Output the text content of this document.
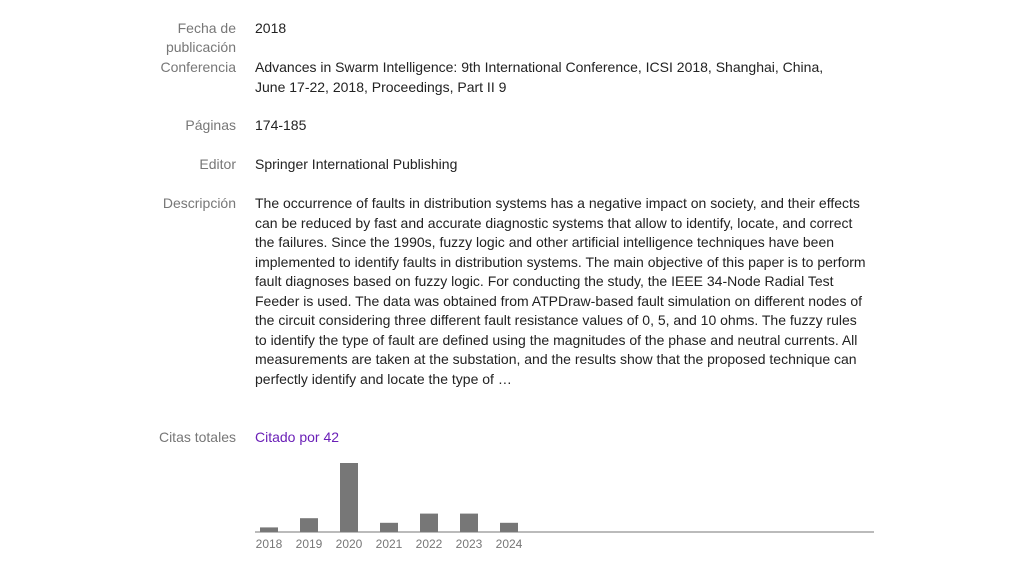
Fecha de publicación
2018
Conferencia Advances in Swarm Intelligence: 9th International Conference, ICSI 2018, Shanghai, China, June 17-22, 2018, Proceedings, Part II 9
Páginas 174-185
Editor Springer International Publishing
Descripción The occurrence of faults in distribution systems has a negative impact on society, and their effects can be reduced by fast and accurate diagnostic systems that allow to identify, locate, and correct the failures. Since the 1990s, fuzzy logic and other artificial intelligence techniques have been implemented to identify faults in distribution systems. The main objective of this paper is to perform fault diagnoses based on fuzzy logic. For conducting the study, the IEEE 34-Node Radial Test Feeder is used. The data was obtained from ATPDraw-based fault simulation on different nodes of the circuit considering three different fault resistance values of 0, 5, and 10 ohms. The fuzzy rules to identify the type of fault are defined using the magnitudes of the phase and neutral currents. All measurements are taken at the substation, and the results show that the proposed technique can perfectly identify and locate the type of …
Citas totales Citado por 42
2018 2019 2020 2021 2022 2023 2024
